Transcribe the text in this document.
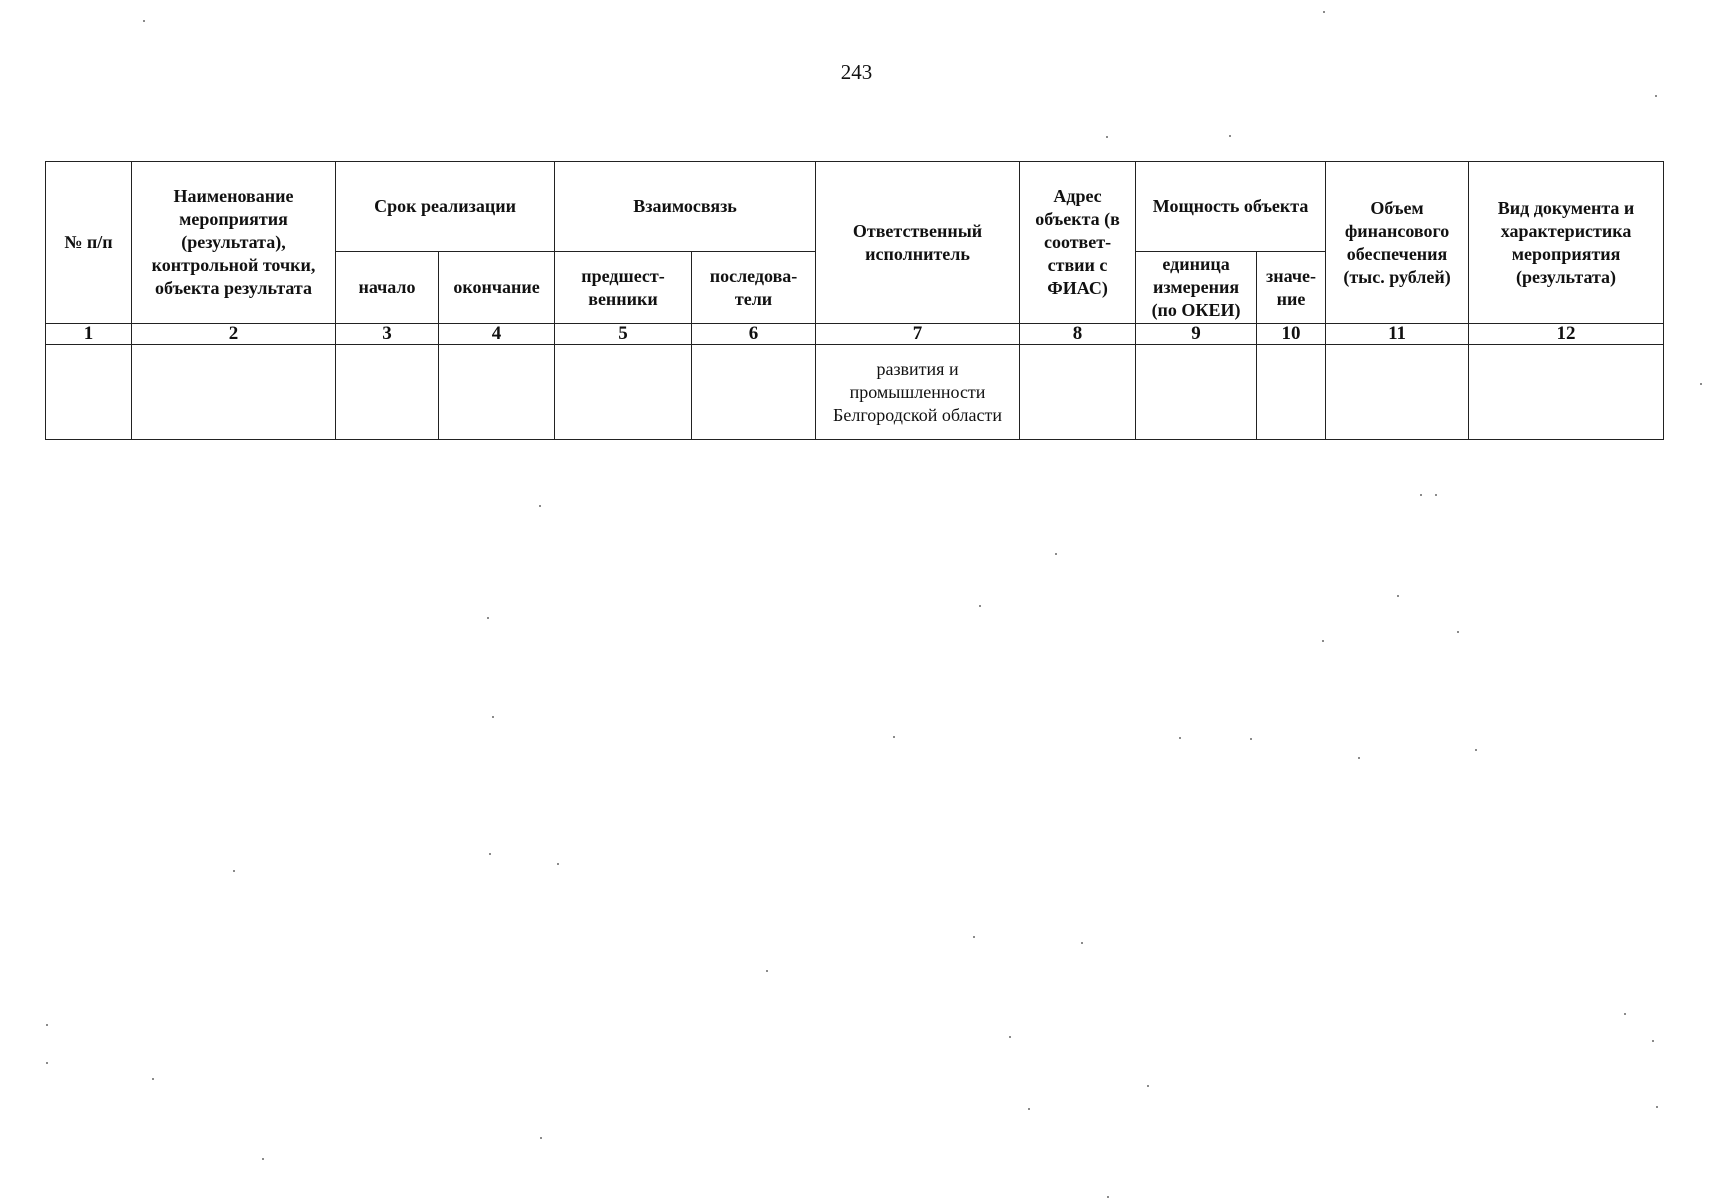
243
№ п/п	Наименование мероприятия (результата), контрольной точки, объекта результата	Срок реализации		Взаимосвязь		Ответственный исполнитель	Адрес объекта (в соответ-ствии с ФИАС)	Мощность объекта		Объем финансового обеспечения (тыс. рублей)	Вид документа и характеристика мероприятия (результата)
		начало	окончание	предшест-венники	последова-тели			единица измерения (по ОКЕИ)	значе-ние		
1	2	3	4	5	6	7	8	9	10	11	12
						развития и промышленности Белгородской области					
